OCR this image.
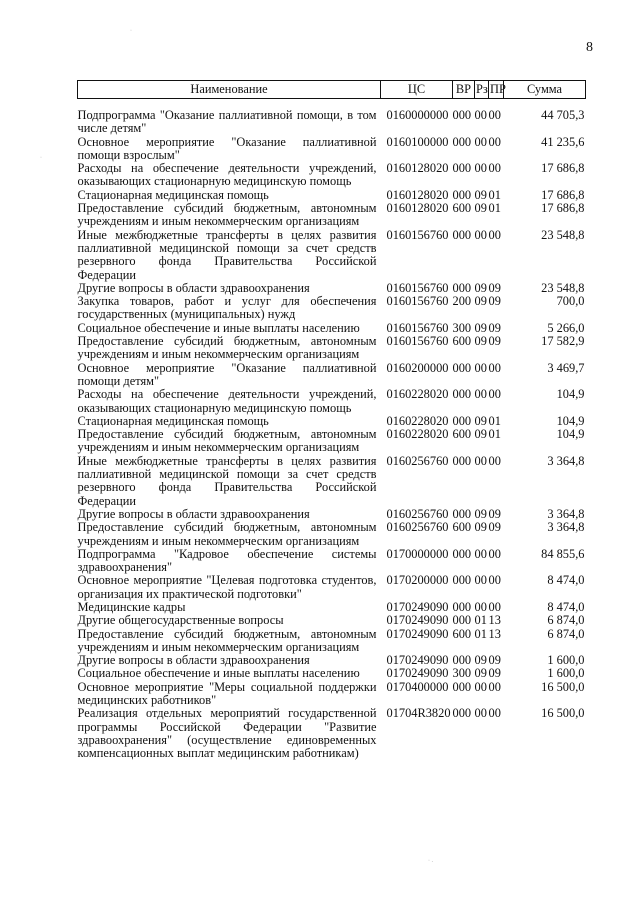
8
Наименование	ЦС	ВР	Рз	ПР	Сумма

Подпрограмма "Оказание паллиативной помощи, в том числе детям"	0160000000	000	00	00	44 705,3
Основное мероприятие "Оказание паллиативной помощи взрослым"	0160100000	000	00	00	41 235,6
Расходы на обеспечение деятельности учреждений, оказывающих стационарную медицинскую помощь	0160128020	000	00	00	17 686,8
Стационарная медицинская помощь	0160128020	000	09	01	17 686,8
Предоставление субсидий бюджетным, автономным учреждениям и иным некоммерческим организациям	0160128020	600	09	01	17 686,8
Иные межбюджетные трансферты в целях развития паллиативной медицинской помощи за счет средств резервного фонда Правительства Российской Федерации	0160156760	000	00	00	23 548,8
Другие вопросы в области здравоохранения	0160156760	000	09	09	23 548,8
Закупка товаров, работ и услуг для обеспечения государственных (муниципальных) нужд	0160156760	200	09	09	700,0
Социальное обеспечение и иные выплаты населению	0160156760	300	09	09	5 266,0
Предоставление субсидий бюджетным, автономным учреждениям и иным некоммерческим организациям	0160156760	600	09	09	17 582,9
Основное мероприятие "Оказание паллиативной помощи детям"	0160200000	000	00	00	3 469,7
Расходы на обеспечение деятельности учреждений, оказывающих стационарную медицинскую помощь	0160228020	000	00	00	104,9
Стационарная медицинская помощь	0160228020	000	09	01	104,9
Предоставление субсидий бюджетным, автономным учреждениям и иным некоммерческим организациям	0160228020	600	09	01	104,9
Иные межбюджетные трансферты в целях развития паллиативной медицинской помощи за счет средств резервного фонда Правительства Российской Федерации	0160256760	000	00	00	3 364,8
Другие вопросы в области здравоохранения	0160256760	000	09	09	3 364,8
Предоставление субсидий бюджетным, автономным учреждениям и иным некоммерческим организациям	0160256760	600	09	09	3 364,8
Подпрограмма "Кадровое обеспечение системы здравоохранения"	0170000000	000	00	00	84 855,6
Основное мероприятие "Целевая подготовка студентов, организация их практической подготовки"	0170200000	000	00	00	8 474,0
Медицинские кадры	0170249090	000	00	00	8 474,0
Другие общегосударственные вопросы	0170249090	000	01	13	6 874,0
Предоставление субсидий бюджетным, автономным учреждениям и иным некоммерческим организациям	0170249090	600	01	13	6 874,0
Другие вопросы в области здравоохранения	0170249090	000	09	09	1 600,0
Социальное обеспечение и иные выплаты населению	0170249090	300	09	09	1 600,0
Основное мероприятие "Меры социальной поддержки медицинских работников"	0170400000	000	00	00	16 500,0
Реализация отдельных мероприятий государственной программы Российской Федерации "Развитие здравоохранения" (осуществление единовременных компенсационных выплат медицинским работникам)	01704R3820	000	00	00	16 500,0
·
·
· .
